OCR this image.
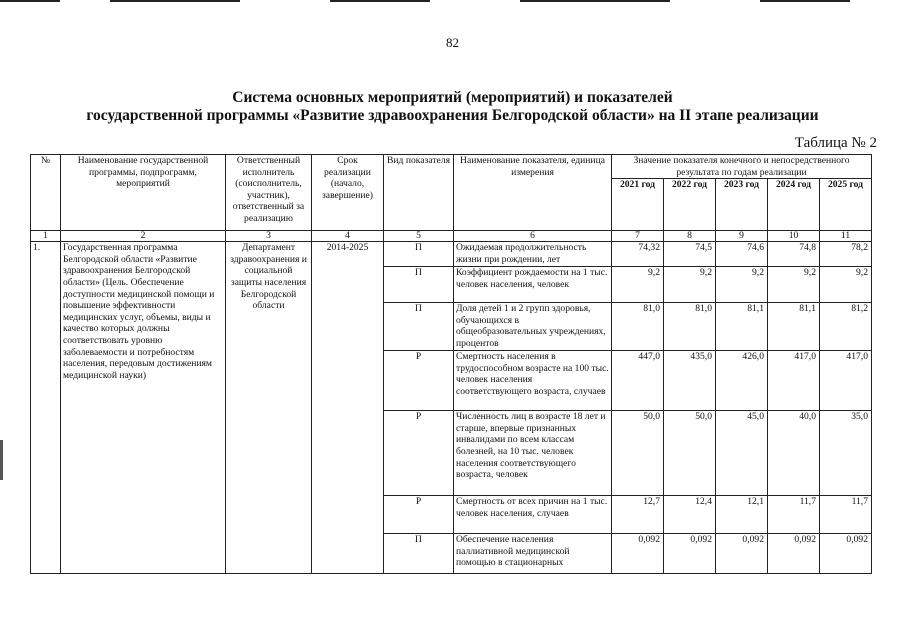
82
Система основных мероприятий (мероприятий) и показателей
государственной программы «Развитие здравоохранения Белгородской области» на II этапе реализации
Таблица № 2
№	Наименование государственной программы, подпрограмм, мероприятий	Ответственный исполнитель (соисполнитель, участник), ответственный за реализацию	Срок реализации (начало, завершение)	Вид показателя	Наименование показателя, единица измерения	Значение показателя конечного и непосредственного результата по годам реализации				
						2021 год	2022 год	2023 год	2024 год	2025 год
1	2	3	4	5	6	7	8	9	10	11
1.	Государственная программа Белгородской области «Развитие здравоохранения Белгородской области» (Цель. Обеспечение доступности медицинской помощи и повышение эффективности медицинских услуг, объемы, виды и качество которых должны соответствовать уровню заболеваемости и потребностям населения, передовым достижениям медицинской науки)	Департамент здравоохранения и социальной защиты населения Белгородской области	2014-2025	П	Ожидаемая продолжительность жизни при рождении, лет	74,32	74,5	74,6	74,8	78,2
				П	Коэффициент рождаемости на 1 тыс. человек населения, человек	9,2	9,2	9,2	9,2	9,2
				П	Доля детей 1 и 2 групп здоровья, обучающихся в общеобразовательных учреждениях, процентов	81,0	81,0	81,1	81,1	81,2
				Р	Смертность населения в трудоспособном возрасте на 100 тыс. человек населения соответствующего возраста, случаев	447,0	435,0	426,0	417,0	417,0
				Р	Численность лиц в возрасте 18 лет и старше, впервые признанных инвалидами по всем классам болезней, на 10 тыс. человек населения соответствующего возраста, человек	50,0	50,0	45,0	40,0	35,0
				Р	Смертность от всех причин на 1 тыс. человек населения, случаев	12,7	12,4	12,1	11,7	11,7
				П	Обеспечение населения паллиативной медицинской помощью в стационарных	0,092	0,092	0,092	0,092	0,092
